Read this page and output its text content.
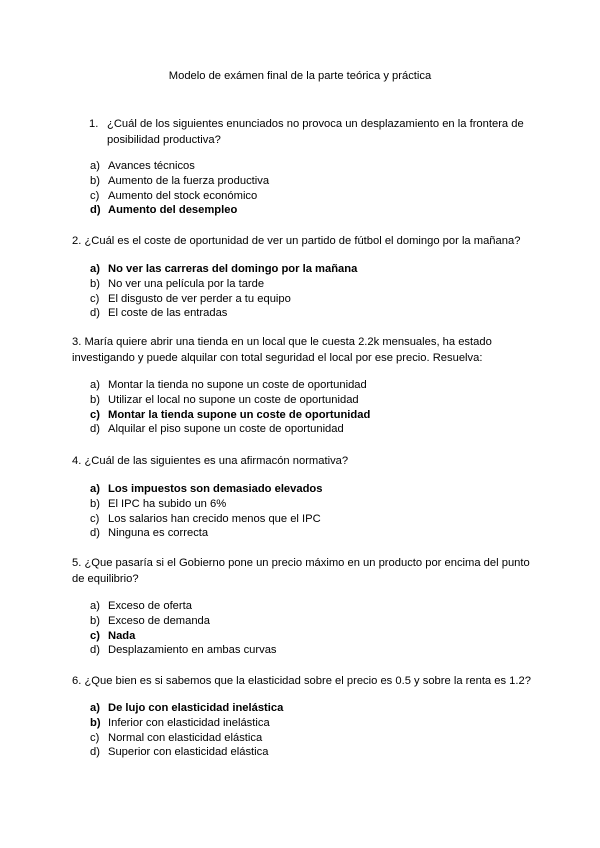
Modelo de exámen final de la parte teórica y práctica
1. ¿Cuál de los siguientes enunciados no provoca un desplazamiento en la frontera de posibilidad productiva?
a) Avances técnicos
b) Aumento de la fuerza productiva
c) Aumento del stock económico
d) Aumento del desempleo
2. ¿Cuál es el coste de oportunidad de ver un partido de fútbol el domingo por la mañana?
a) No ver las carreras del domingo por la mañana
b) No ver una película por la tarde
c) El disgusto de ver perder a tu equipo
d) El coste de las entradas
3. María quiere abrir una tienda en un local que le cuesta 2.2k mensuales, ha estado investigando y puede alquilar con total seguridad el local por ese precio. Resuelva:
a) Montar la tienda no supone un coste de oportunidad
b) Utilizar el local no supone un coste de oportunidad
c) Montar la tienda supone un coste de oportunidad
d) Alquilar el piso supone un coste de oportunidad
4. ¿Cuál de las siguientes es una afirmacón normativa?
a) Los impuestos son demasiado elevados
b) El IPC ha subido un 6%
c) Los salarios han crecido menos que el IPC
d) Ninguna es correcta
5. ¿Que pasaría si el Gobierno pone un precio máximo en un producto por encima del punto de equilibrio?
a) Exceso de oferta
b) Exceso de demanda
c) Nada
d) Desplazamiento en ambas curvas
6. ¿Que bien es si sabemos que la elasticidad sobre el precio es 0.5 y sobre la renta es 1.2?
a) De lujo con elasticidad inelástica
b) Inferior con elasticidad inelástica
c) Normal con elasticidad elástica
d) Superior con elasticidad elástica
